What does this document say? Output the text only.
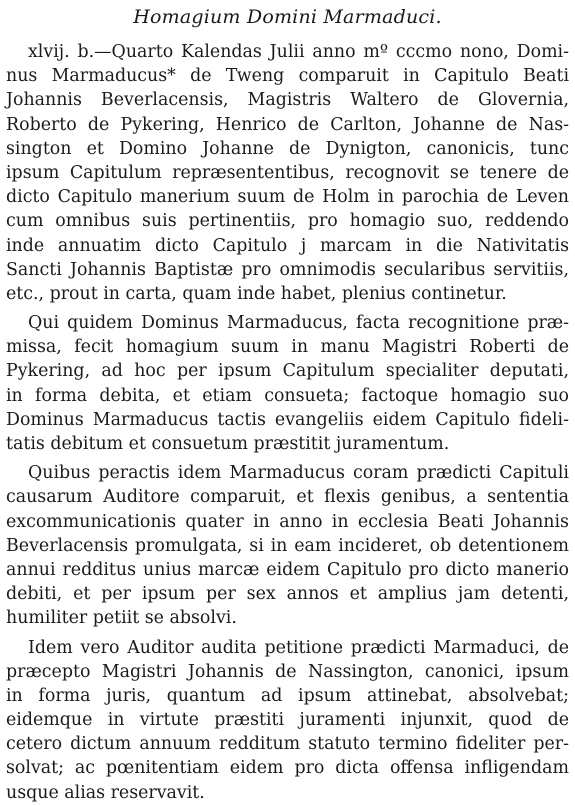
Homagium Domini Marmaduci.
xlvij. b.—Quarto Kalendas Julii anno mº cccmo nono, Domi-
nus Marmaducus* de Tweng comparuit in Capitulo Beati
Johannis Beverlacensis, Magistris Waltero de Gloverni̇a,
Roberto de Pykering, Henrico de Carlton, Johanne de Nas-
sington et Domino Johanne de Dynigton, canonicis, tunc
ipsum Capitulum repræsententibus, recognovit se tenere de
dicto Capitulo manerium suum de Holm in parochia de Leven
cum omnibus suis pertinentiis, pro homagio suo, reddendo
inde annuatim dicto Capitulo j marcam in die Nativitatis
Sancti Johannis Baptistæ pro omnimodis secularibus servitiis,
etc., prout in carta, quam inde habet, plenius continetur.
Qui quidem Dominus Marmaducus, facta recognitione præ-
missa, fecit homagium suum in manu Magistri Roberti de
Pykering, ad hoc per ipsum Capitulum specialiter deputati,
in forma debita, et etiam consueta; factoque homagio suo
Dominus Marmaducus tactis evangeliis eidem Capitulo fideli-
tatis debitum et consuetum præstitit juramentum.
Quibus peractis idem Marmaducus coram prædicti Capituli
causarum Auditore comparuit, et flexis genibus, a sententia
excommunicationis quater in anno in ecclesia Beati Johannis
Beverlacensis promulgata, si in eam incideret, ob detentionem
annui redditus unius marcæ eidem Capitulo pro dicto manerio
debiti, et per ipsum per sex annos et amplius jam detenti,
humiliter petiit se absolvi.
Idem vero Auditor audita petitione prædicti Marmaduci, de
præcepto Magistri Johannis de Nassington, canonici, ipsum
in forma juris, quantum ad ipsum attinebat, absolvebat;
eidemque in virtute præstiti juramenti injunxit, quod de
cetero dictum annuum redditum statuto termino fideliter per-
solvat; ac pœnitentiam eidem pro dicta offensa infligendam
usque alias reservavit.
